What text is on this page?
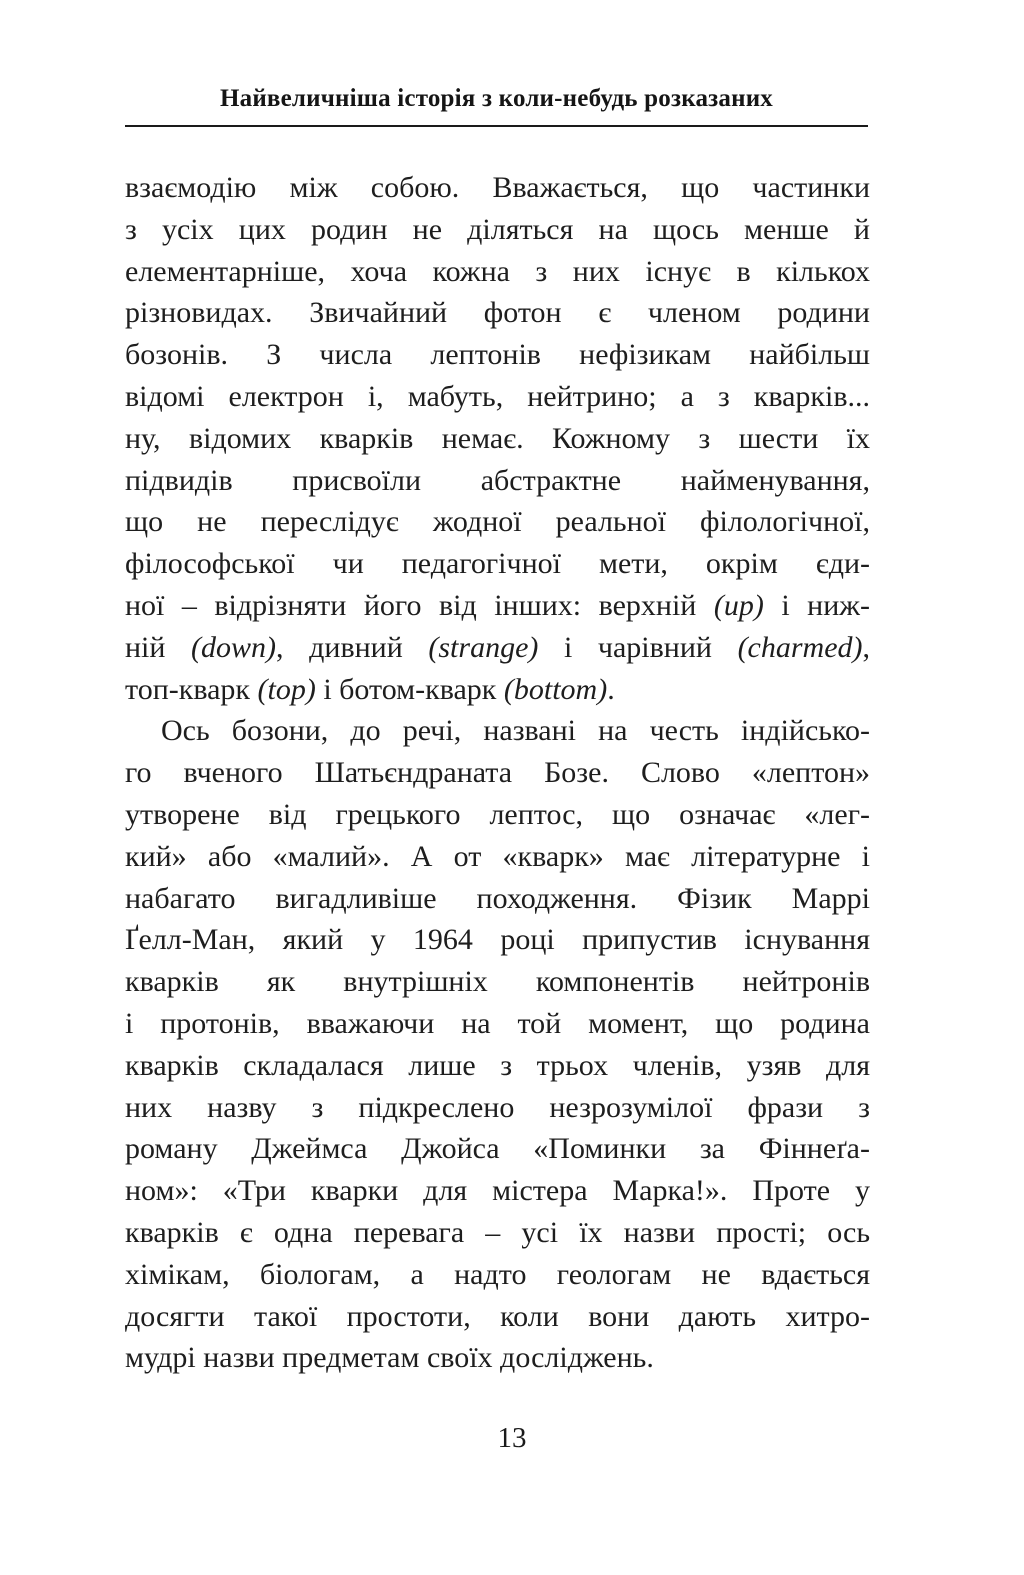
Найвеличніша історія з коли-небудь розказаних
взаємодію між собою. Вважається, що частинки
з усіх цих родин не діляться на щось менше й
елементарніше, хоча кожна з них існує в кількох
різновидах. Звичайний фотон є членом родини
бозонів. З числа лептонів нефізикам найбільш
відомі електрон і, мабуть, нейтрино; а з кварків...
ну, відомих кварків немає. Кожному з шести їх
підвидів присвоїли абстрактне найменування,
що не переслідує жодної реальної філологічної,
філософської чи педагогічної мети, окрім єди-
ної – відрізняти його від інших: верхній (up) і ниж-
ній (down), дивний (strange) і чарівний (charmed),
топ-кварк (top) і ботом-кварк (bottom).
Ось бозони, до речі, названі на честь індійсько-
го вченого Шатьєндраната Бозе. Слово «лептон»
утворене від грецького лептос, що означає «лег-
кий» або «малий». А от «кварк» має літературне і
набагато вигадливіше походження. Фізик Маррі
Ґелл-Ман, який у 1964 році припустив існування
кварків як внутрішніх компонентів нейтронів
і протонів, вважаючи на той момент, що родина
кварків складалася лише з трьох членів, узяв для
них назву з підкреслено незрозумілої фрази з
роману Джеймса Джойса «Поминки за Фіннеґа-
ном»: «Три кварки для містера Марка!». Проте у
кварків є одна перевага – усі їх назви прості; ось
хімікам, біологам, а надто геологам не вдається
досягти такої простоти, коли вони дають хитро-
мудрі назви предметам своїх досліджень.
13
